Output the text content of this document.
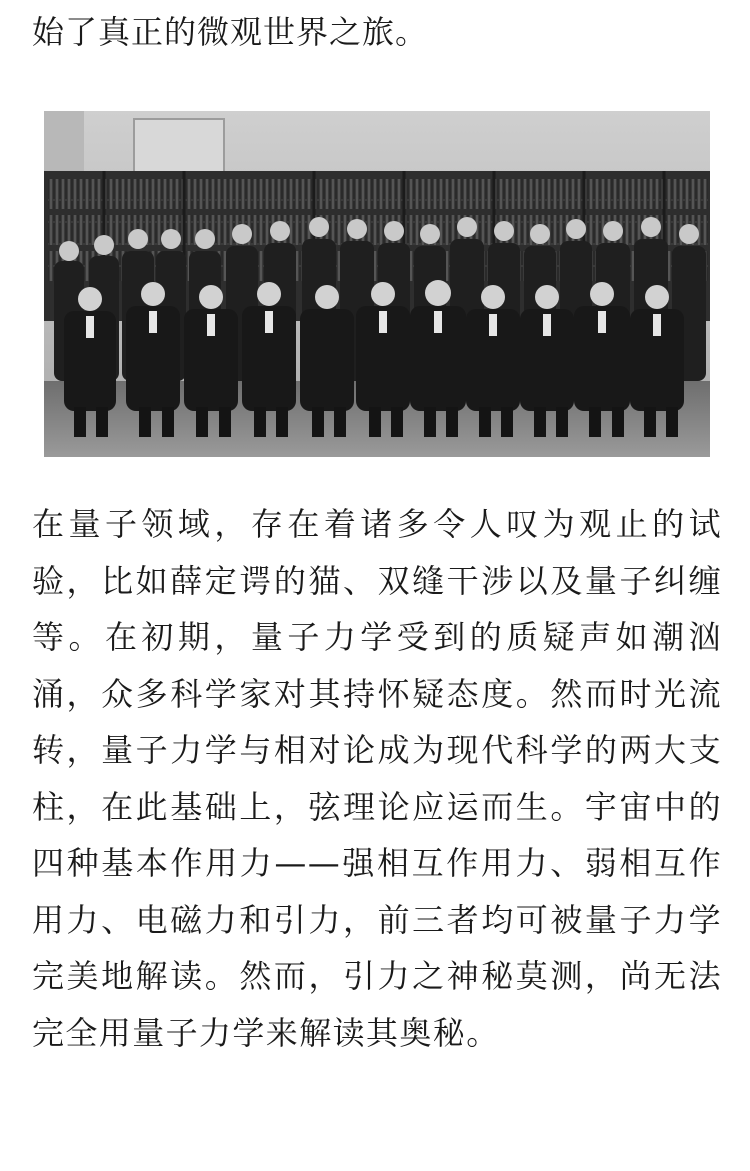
始了真正的微观世界之旅。

在量子领域，存在着诸多令人叹为观止的试验，比如薛定谔的猫、双缝干涉以及量子纠缠等。在初期，量子力学受到的质疑声如潮汹涌，众多科学家对其持怀疑态度。然而时光流转，量子力学与相对论成为现代科学的两大支柱，在此基础上，弦理论应运而生。宇宙中的四种基本作用力——强相互作用力、弱相互作用力、电磁力和引力，前三者均可被量子力学完美地解读。然而，引力之神秘莫测，尚无法完全用量子力学来解读其奥秘。
